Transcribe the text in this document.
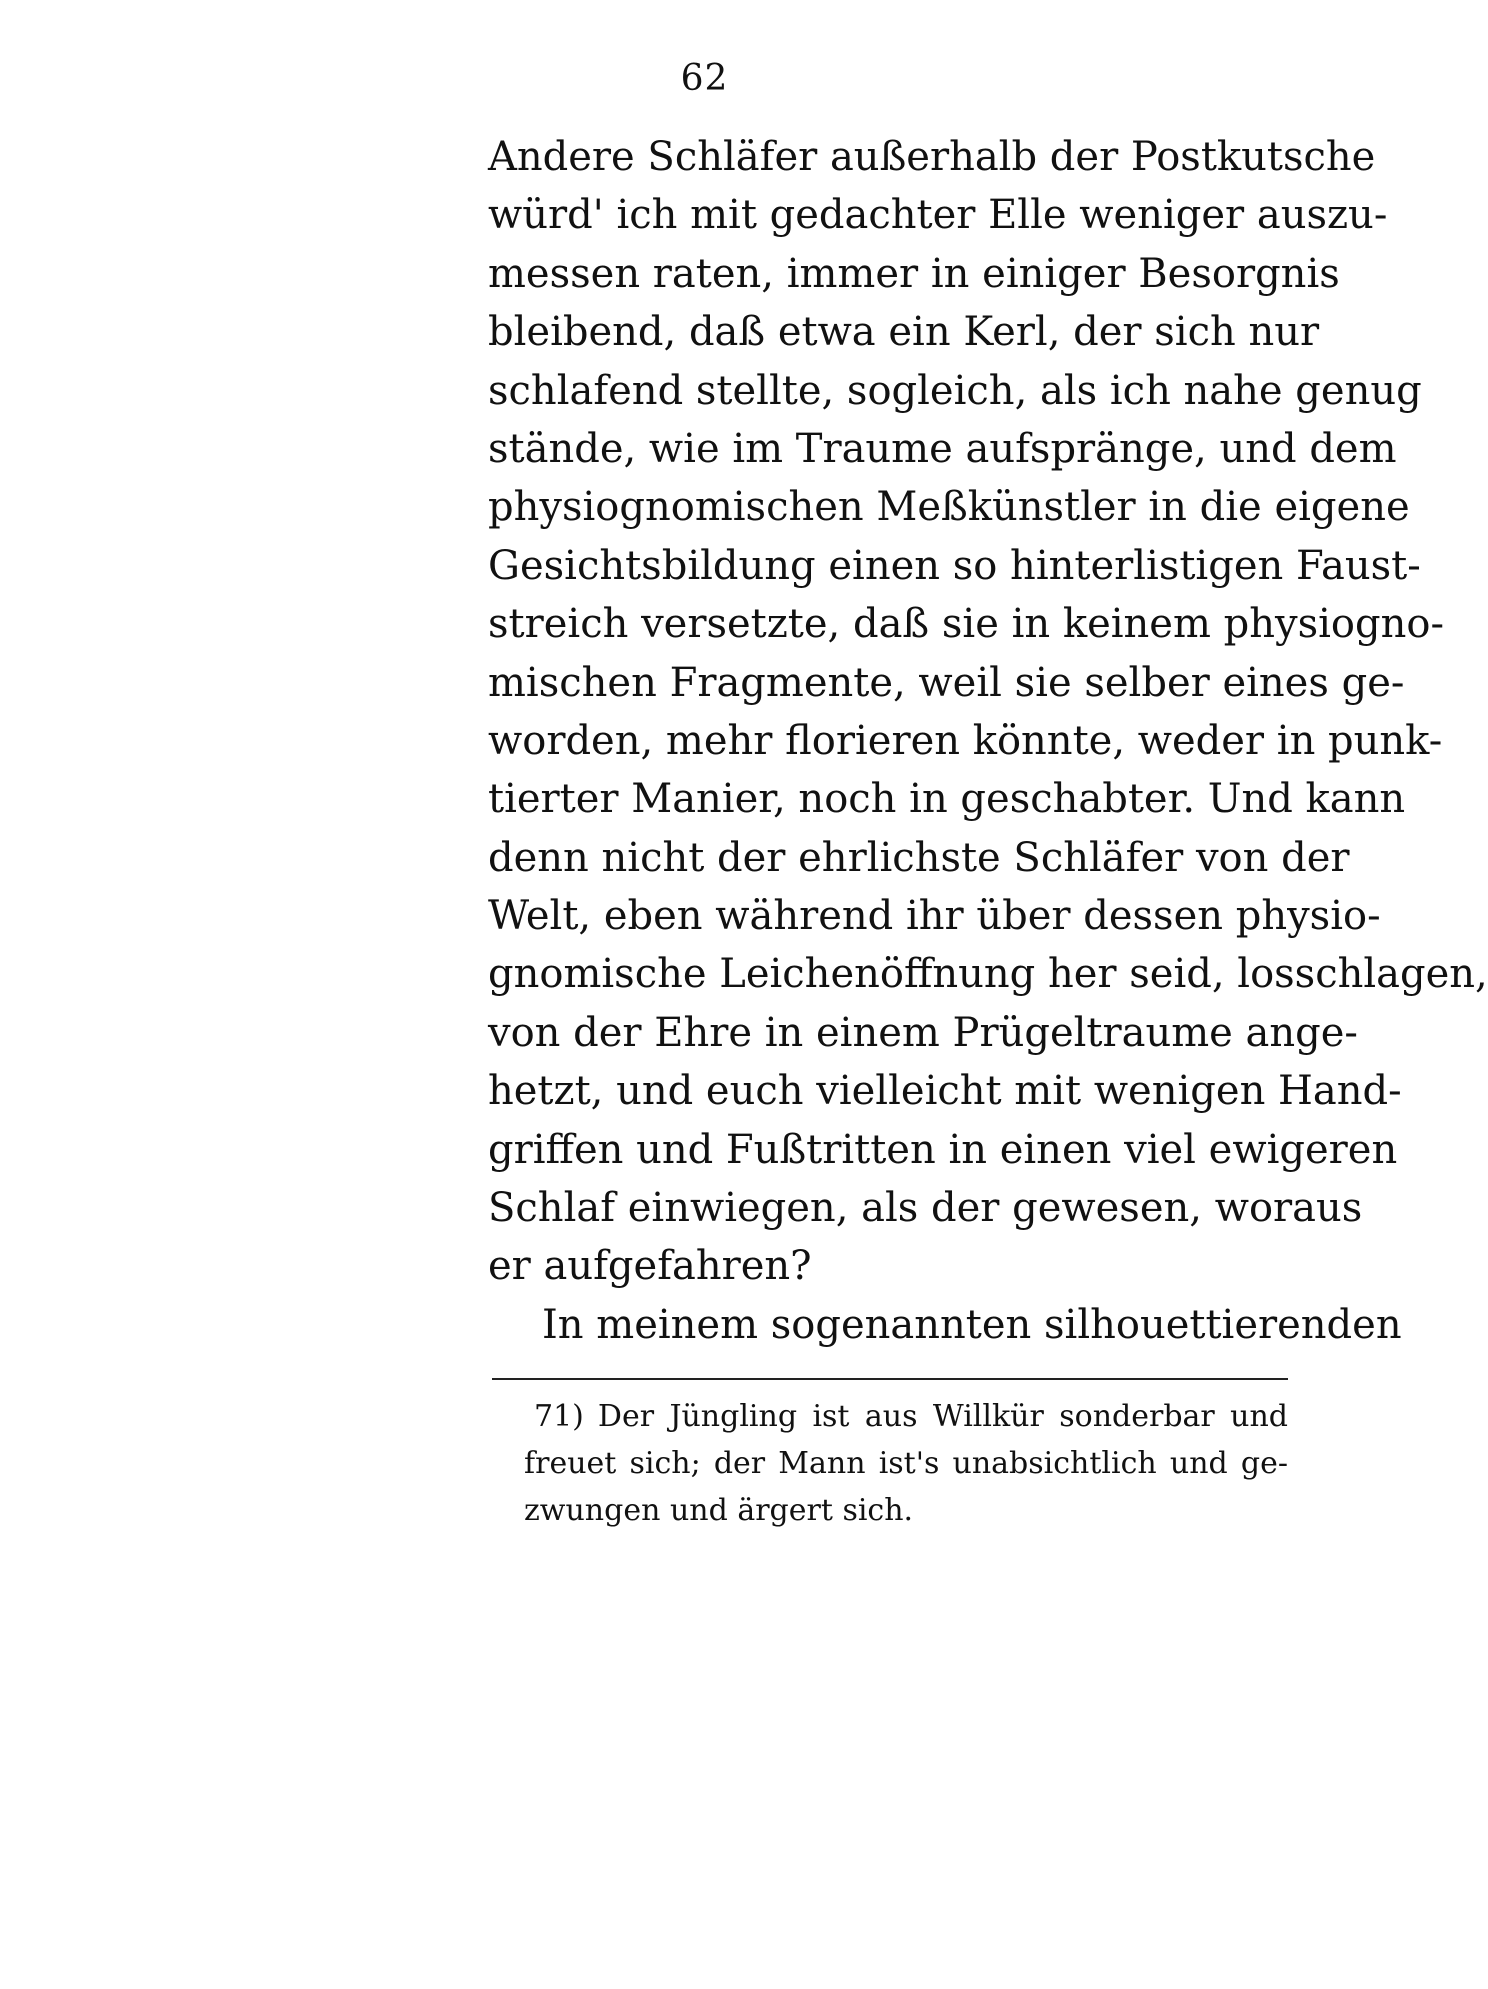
62
Andere Schläfer außerhalb der Postkutsche
würd' ich mit gedachter Elle weniger auszu-
messen raten, immer in einiger Besorgnis
bleibend, daß etwa ein Kerl, der sich nur
schlafend stellte, sogleich, als ich nahe genug
stände, wie im Traume aufspränge, und dem
physiognomischen Meßkünstler in die eigene
Gesichtsbildung einen so hinterlistigen Faust-
streich versetzte, daß sie in keinem physiogno-
mischen Fragmente, weil sie selber eines ge-
worden, mehr florieren könnte, weder in punk-
tierter Manier, noch in geschabter. Und kann
denn nicht der ehrlichste Schläfer von der
Welt, eben während ihr über dessen physio-
gnomische Leichenöffnung her seid, losschlagen,
von der Ehre in einem Prügeltraume ange-
hetzt, und euch vielleicht mit wenigen Hand-
griffen und Fußtritten in einen viel ewigeren
Schlaf einwiegen, als der gewesen, woraus
er aufgefahren?
In meinem sogenannten silhouettierenden
71) Der Jüngling ist aus Willkür sonderbar und
freuet sich; der Mann ist's unabsichtlich und ge-
zwungen und ärgert sich.
